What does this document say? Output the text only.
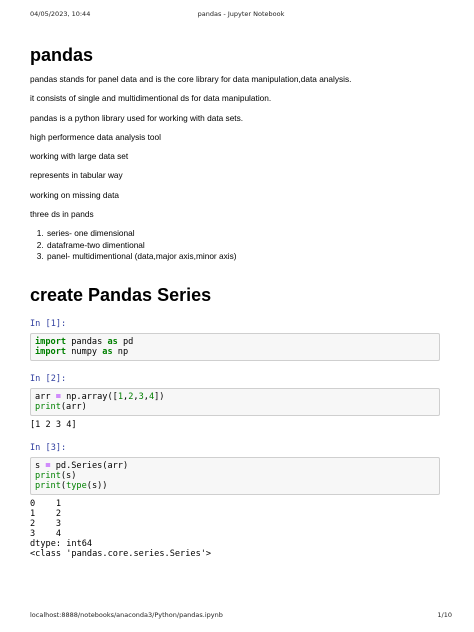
04/05/2023, 10:44	pandas - Jupyter Notebook
pandas

pandas stands for panel data and is the core library for data manipulation,data analysis.

it consists of single and multidimentional ds for data manipulation.

pandas is a python library used for working with data sets.

high performence data analysis tool

working with large data set

represents in tabular way

working on missing data

three ds in pands

1. series- one dimensional
2. dataframe-two dimentional
3. panel- multidimentional (data,major axis,minor axis)
create Pandas Series
In [1]:
import pandas as pd
import numpy as np
In [2]:
arr = np.array([1,2,3,4])
print(arr)
[1 2 3 4]
In [3]:
s = pd.Series(arr)
print(s)
print(type(s))
0    1
1    2
2    3
3    4
dtype: int64
<class 'pandas.core.series.Series'>
localhost:8888/notebooks/anaconda3/Python/pandas.ipynb	1/10
